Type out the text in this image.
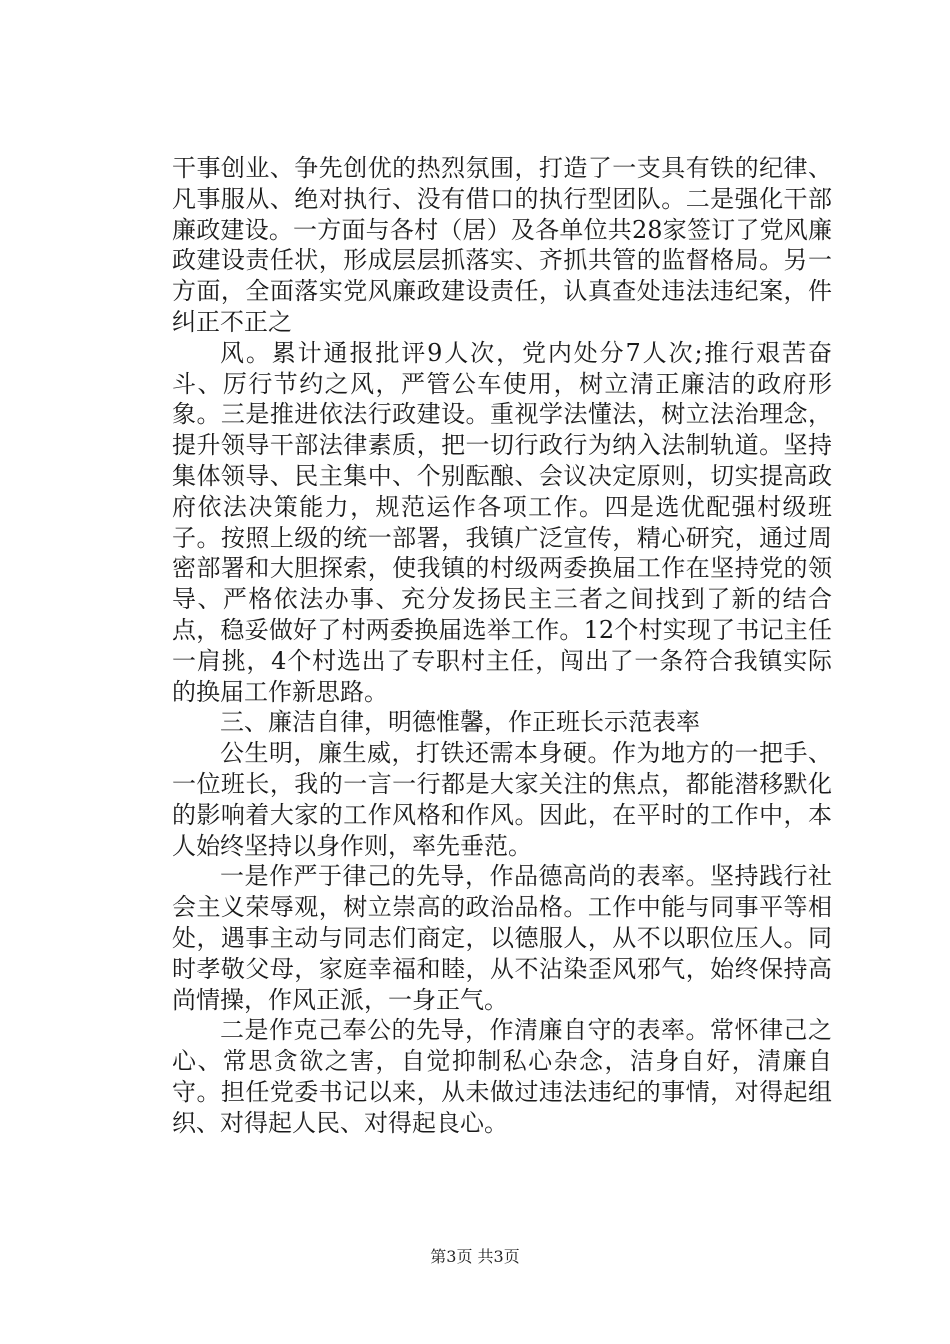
干事创业、争先创优的热烈氛围，打造了一支具有铁的纪律、凡事服从、绝对执行、没有借口的执行型团队。二是强化干部廉政建设。一方面与各村（居）及各单位共28家签订了党风廉政建设责任状，形成层层抓落实、齐抓共管的监督格局。另一方面，全面落实党风廉政建设责任，认真查处违法违纪案，件纠正不正之

风。累计通报批评9人次，党内处分7人次;推行艰苦奋斗、厉行节约之风，严管公车使用，树立清正廉洁的政府形象。三是推进依法行政建设。重视学法懂法，树立法治理念，提升领导干部法律素质，把一切行政行为纳入法制轨道。坚持集体领导、民主集中、个别酝酿、会议决定原则，切实提高政府依法决策能力，规范运作各项工作。四是选优配强村级班子。按照上级的统一部署，我镇广泛宣传，精心研究，通过周密部署和大胆探索，使我镇的村级两委换届工作在坚持党的领导、严格依法办事、充分发扬民主三者之间找到了新的结合点，稳妥做好了村两委换届选举工作。12个村实现了书记主任一肩挑，4个村选出了专职村主任，闯出了一条符合我镇实际的换届工作新思路。

三、廉洁自律，明德惟馨，作正班长示范表率

公生明，廉生威，打铁还需本身硬。作为地方的一把手、一位班长，我的一言一行都是大家关注的焦点，都能潜移默化的影响着大家的工作风格和作风。因此，在平时的工作中，本人始终坚持以身作则，率先垂范。

一是作严于律己的先导，作品德高尚的表率。坚持践行社会主义荣辱观，树立崇高的政治品格。工作中能与同事平等相处，遇事主动与同志们商定，以德服人，从不以职位压人。同时孝敬父母，家庭幸福和睦，从不沾染歪风邪气，始终保持高尚情操，作风正派，一身正气。

二是作克己奉公的先导，作清廉自守的表率。常怀律己之心、常思贪欲之害，自觉抑制私心杂念，洁身自好，清廉自守。担任党委书记以来，从未做过违法违纪的事情，对得起组织、对得起人民、对得起良心。

第3页 共3页
